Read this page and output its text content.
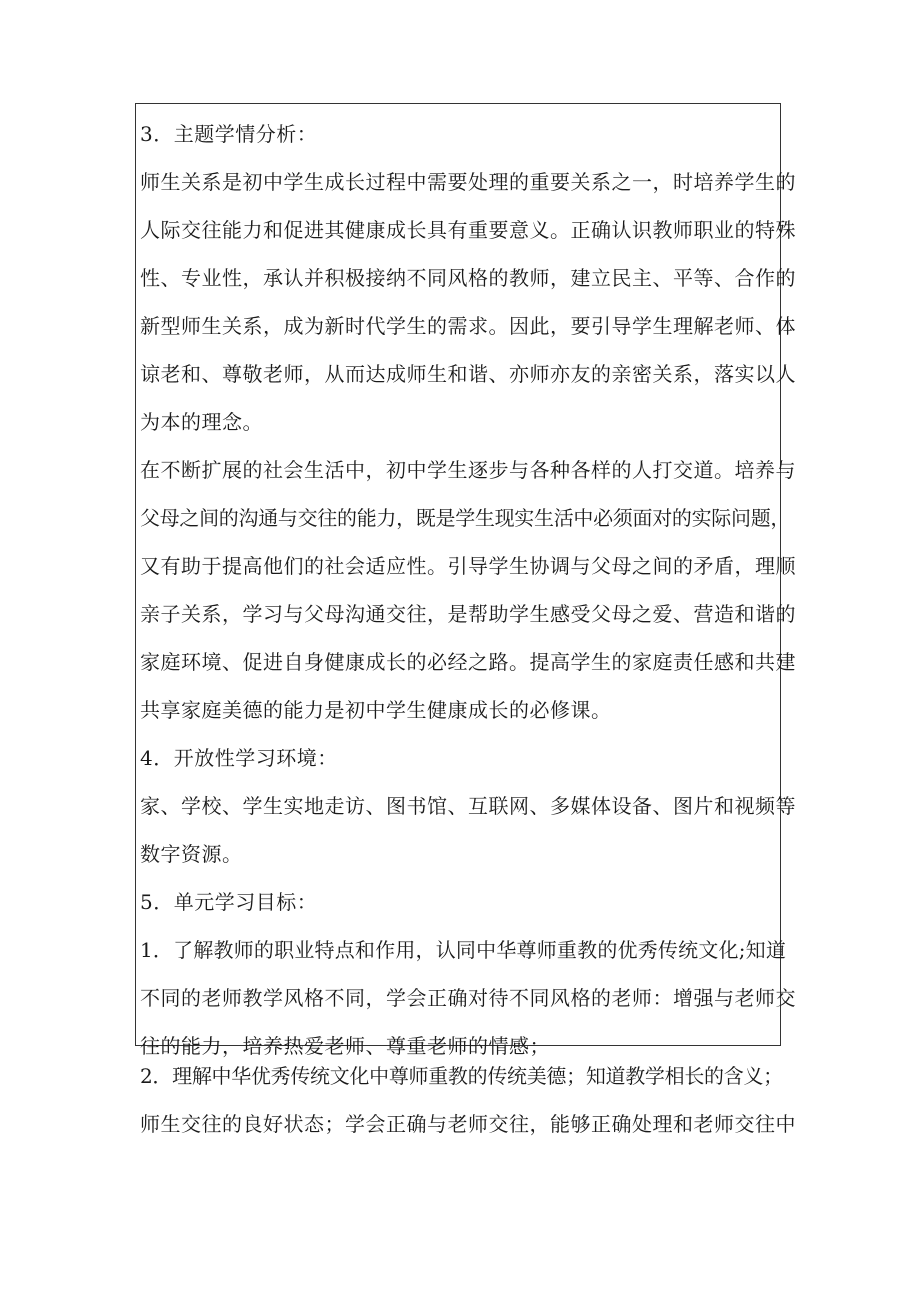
3．主题学情分析：
师生关系是初中学生成长过程中需要处理的重要关系之一，时培养学生的
人际交往能力和促进其健康成长具有重要意义。正确认识教师职业的特殊
性、专业性，承认并积极接纳不同风格的教师，建立民主、平等、合作的
新型师生关系，成为新时代学生的需求。因此，要引导学生理解老师、体
谅老和、尊敬老师，从而达成师生和谐、亦师亦友的亲密关系，落实以人
为本的理念。
在不断扩展的社会生活中，初中学生逐步与各种各样的人打交道。培养与
父母之间的沟通与交往的能力，既是学生现实生活中必须面对的实际问题，
又有助于提高他们的社会适应性。引导学生协调与父母之间的矛盾，理顺
亲子关系，学习与父母沟通交往，是帮助学生感受父母之爱、营造和谐的
家庭环境、促进自身健康成长的必经之路。提高学生的家庭责任感和共建
共享家庭美德的能力是初中学生健康成长的必修课。
4．开放性学习环境：
家、学校、学生实地走访、图书馆、互联网、多媒体设备、图片和视频等
数字资源。
5．单元学习目标：
1．了解教师的职业特点和作用，认同中华尊师重教的优秀传统文化;知道
不同的老师教学风格不同，学会正确对待不同风格的老师：增强与老师交
往的能力，培养热爱老师、尊重老师的情感；
2．理解中华优秀传统文化中尊师重教的传统美德；知道教学相长的含义；
师生交往的良好状态；学会正确与老师交往，能够正确处理和老师交往中
